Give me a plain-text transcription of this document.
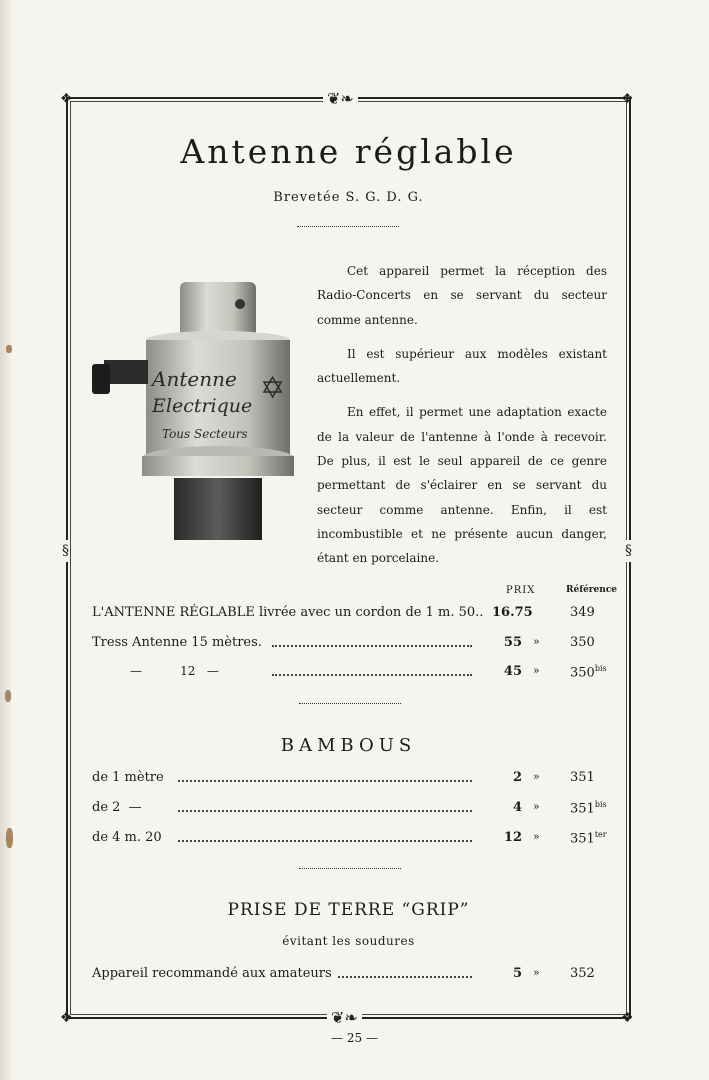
❖	❖
❖	❖
❦❧
❦❧
§	§
Antenne réglable
Brevetée S. G. D. G.
Antenne
Electrique
Tous Secteurs
✡

Cet appareil permet la réception des Radio-Concerts en se servant du secteur comme antenne.

Il est supérieur aux modèles existant actuellement.

En effet, il permet une adaptation exacte de la valeur de l'antenne à l'onde à recevoir. De plus, il est le seul appareil de ce genre permettant de s'éclairer en se servant du secteur comme antenne. Enfin, il est incombustible et ne présente aucun danger, étant en porcelaine.

PRIX	Référence
L'ANTENNE RÉGLABLE livrée avec un cordon de 1 m. 50.. 16.75	349
Tress Antenne 15 mètres.	55 » 350
—          12   —	45 » $350^{bis}$
BAMBOUS
de 1 mètre	2 » 351
de 2  —	4 » $351^{bis}$
de 4 m. 20	12 » $351^{ter}$
PRISE DE TERRE “GRIP”
évitant les soudures
Appareil recommandé aux amateurs	5 » 352
— 25 —
